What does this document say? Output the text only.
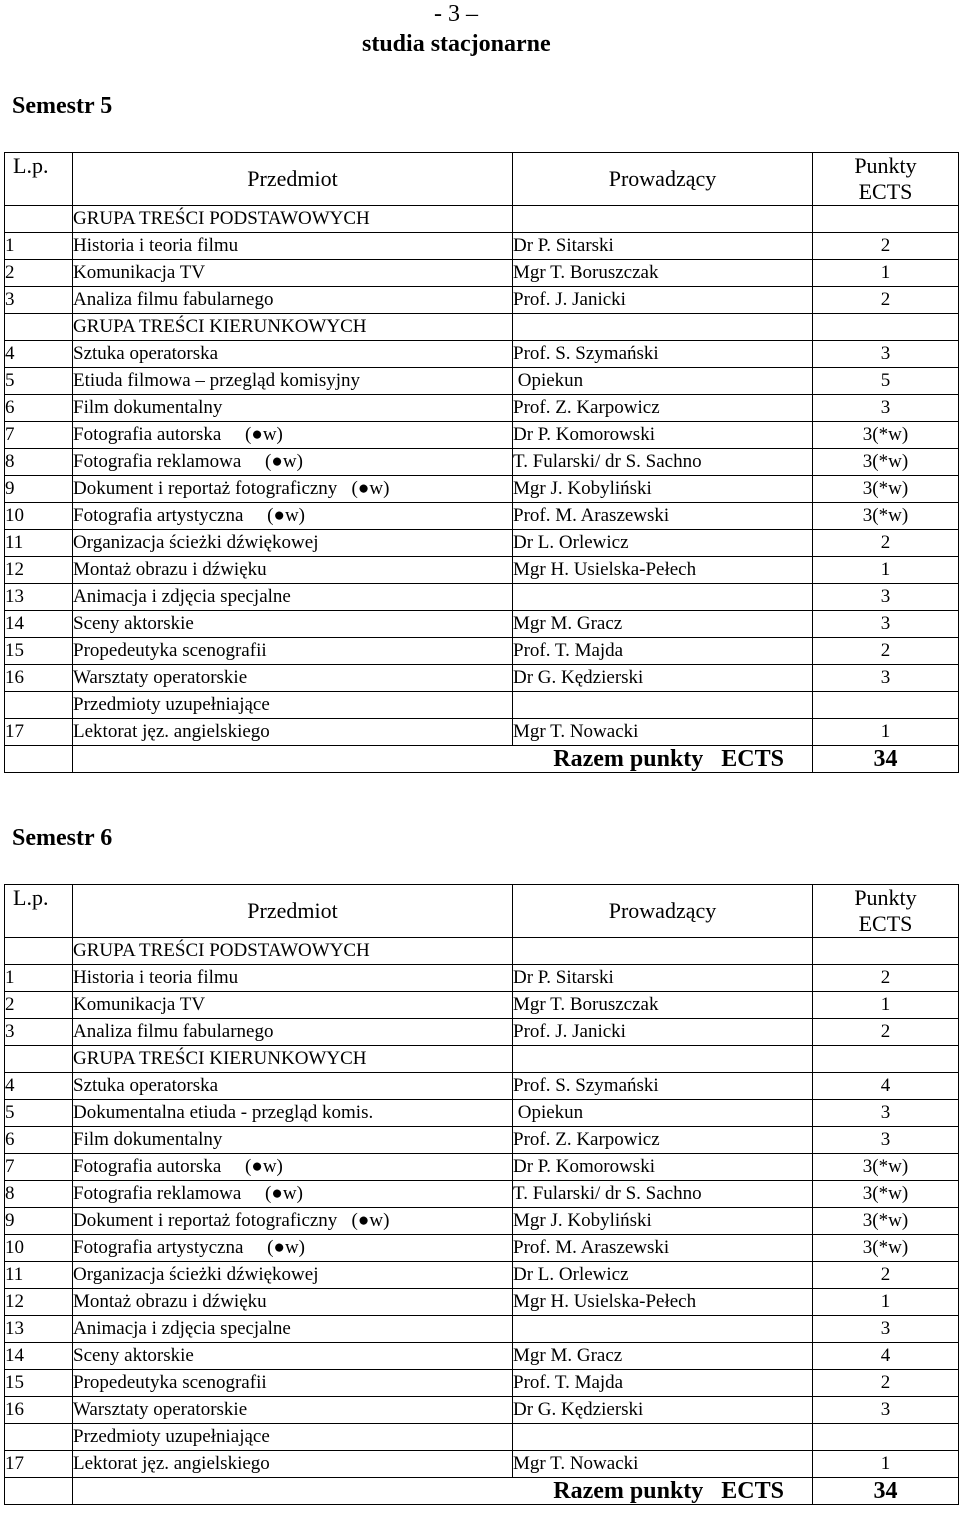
- 3 –
studia stacjonarne
Semestr 5
L.p.	Przedmiot	Prowadzący	Punkty
ECTS
	GRUPA TREŚCI PODSTAWOWYCH		
1	Historia i teoria filmu	Dr P. Sitarski	2
2	Komunikacja TV	Mgr T. Boruszczak	1
3	Analiza filmu fabularnego	Prof. J. Janicki	2
	GRUPA TREŚCI KIERUNKOWYCH		
4	Sztuka operatorska	Prof. S. Szymański	3
5	Etiuda filmowa – przegląd komisyjny	Opiekun	5
6	Film dokumentalny	Prof. Z. Karpowicz	3
7	Fotografia autorska     (●w)	Dr P. Komorowski	3(*w)
8	Fotografia reklamowa     (●w)	T. Fularski/ dr S. Sachno	3(*w)
9	Dokument i reportaż fotograficzny   (●w)	Mgr J. Kobyliński	3(*w)
10	Fotografia artystyczna     (●w)	Prof. M. Araszewski	3(*w)
11	Organizacja ścieżki dźwiękowej	Dr L. Orlewicz	2
12	Montaż obrazu i dźwięku	Mgr H. Usielska-Pełech	1
13	Animacja i zdjęcia specjalne		3
14	Sceny aktorskie	Mgr M. Gracz	3
15	Propedeutyka scenografii	Prof. T. Majda	2
16	Warsztaty operatorskie	Dr G. Kędzierski	3
	Przedmioty uzupełniające		
17	Lektorat jęz. angielskiego	Mgr T. Nowacki	1
	Razem punkty   ECTS		34
Semestr 6
L.p.	Przedmiot	Prowadzący	Punkty
ECTS
	GRUPA TREŚCI PODSTAWOWYCH		
1	Historia i teoria filmu	Dr P. Sitarski	2
2	Komunikacja TV	Mgr T. Boruszczak	1
3	Analiza filmu fabularnego	Prof. J. Janicki	2
	GRUPA TREŚCI KIERUNKOWYCH		
4	Sztuka operatorska	Prof. S. Szymański	4
5	Dokumentalna etiuda - przegląd komis.	Opiekun	3
6	Film dokumentalny	Prof. Z. Karpowicz	3
7	Fotografia autorska     (●w)	Dr P. Komorowski	3(*w)
8	Fotografia reklamowa     (●w)	T. Fularski/ dr S. Sachno	3(*w)
9	Dokument i reportaż fotograficzny   (●w)	Mgr J. Kobyliński	3(*w)
10	Fotografia artystyczna     (●w)	Prof. M. Araszewski	3(*w)
11	Organizacja ścieżki dźwiękowej	Dr L. Orlewicz	2
12	Montaż obrazu i dźwięku	Mgr H. Usielska-Pełech	1
13	Animacja i zdjęcia specjalne		3
14	Sceny aktorskie	Mgr M. Gracz	4
15	Propedeutyka scenografii	Prof. T. Majda	2
16	Warsztaty operatorskie	Dr G. Kędzierski	3
	Przedmioty uzupełniające		
17	Lektorat jęz. angielskiego	Mgr T. Nowacki	1
	Razem punkty   ECTS		34
